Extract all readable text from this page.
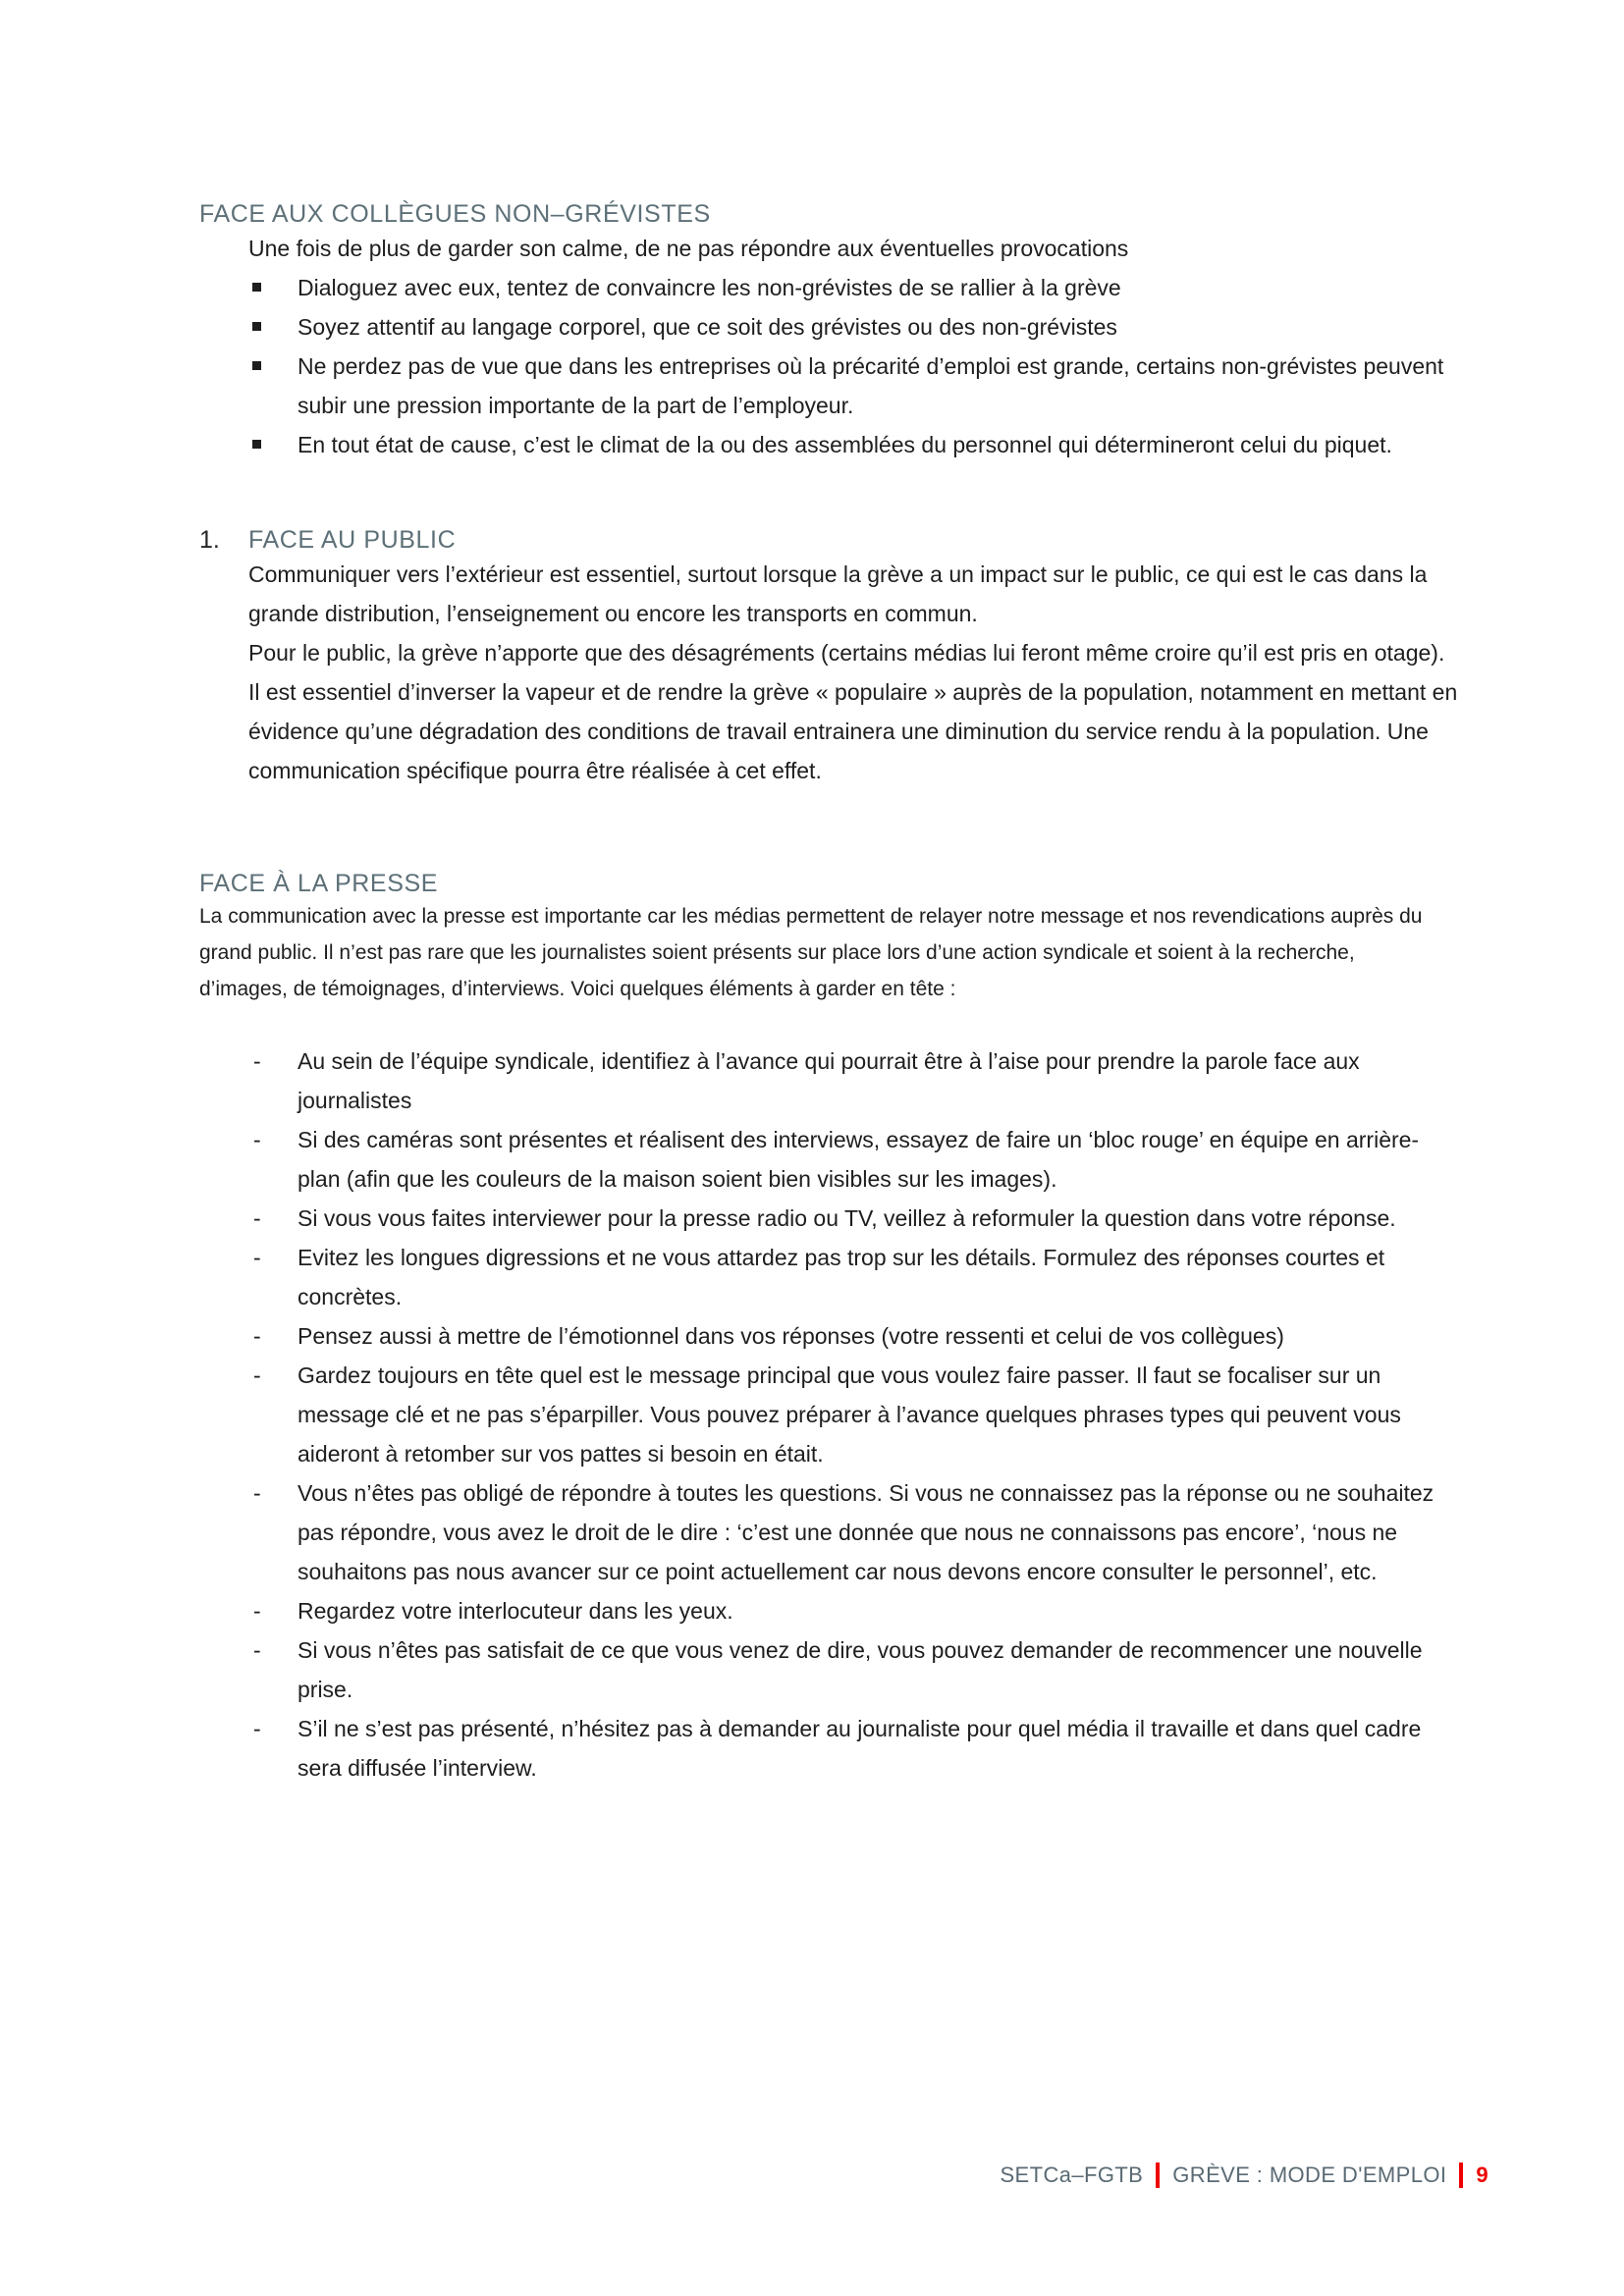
FACE AUX COLLÈGUES NON–GRÉVISTES

Une fois de plus de garder son calme, de ne pas répondre aux éventuelles provocations

Dialoguez avec eux, tentez de convaincre les non-grévistes de se rallier à la grève
Soyez attentif au langage corporel, que ce soit des grévistes ou des non-grévistes
Ne perdez pas de vue que dans les entreprises où la précarité d’emploi est grande, certains non-grévistes peuvent subir une pression importante de la part de l’employeur.
En tout état de cause, c’est le climat de la ou des assemblées du personnel qui détermineront celui du piquet.
1. FACE AU PUBLIC

Communiquer vers l’extérieur est essentiel, surtout lorsque la grève a un impact sur le public, ce qui est le cas dans la grande distribution, l’enseignement ou encore les transports en commun.

Pour le public, la grève n’apporte que des désagréments (certains médias lui feront même croire qu’il est pris en otage).

Il est essentiel d’inverser la vapeur et de rendre la grève « populaire » auprès de la population, notamment en mettant en évidence qu’une dégradation des conditions de travail entrainera une diminution du service rendu à la population. Une communication spécifique pourra être réalisée à cet effet.

FACE À LA PRESSE

La communication avec la presse est importante car les médias permettent de relayer notre message et nos revendications auprès du grand public. Il n’est pas rare que les journalistes soient présents sur place lors d’une action syndicale et soient à la recherche, d’images, de témoignages, d’interviews. Voici quelques éléments à garder en tête :

- Au sein de l’équipe syndicale, identifiez à l’avance qui pourrait être à l’aise pour prendre la parole face aux journalistes
- Si des caméras sont présentes et réalisent des interviews, essayez de faire un ‘bloc rouge’ en équipe en arrière-plan (afin que les couleurs de la maison soient bien visibles sur les images).
- Si vous vous faites interviewer pour la presse radio ou TV, veillez à reformuler la question dans votre réponse.
- Evitez les longues digressions et ne vous attardez pas trop sur les détails. Formulez des réponses courtes et concrètes.
- Pensez aussi à mettre de l’émotionnel dans vos réponses (votre ressenti et celui de vos collègues)
- Gardez toujours en tête quel est le message principal que vous voulez faire passer. Il faut se focaliser sur un message clé et ne pas s’éparpiller. Vous pouvez préparer à l’avance quelques phrases types qui peuvent vous aideront à retomber sur vos pattes si besoin en était.
- Vous n’êtes pas obligé de répondre à toutes les questions. Si vous ne connaissez pas la réponse ou ne souhaitez pas répondre, vous avez le droit de le dire : ‘c’est une donnée que nous ne connaissons pas encore’, ‘nous ne souhaitons pas nous avancer sur ce point actuellement car nous devons encore consulter le personnel’, etc.
- Regardez votre interlocuteur dans les yeux.
- Si vous n’êtes pas satisfait de ce que vous venez de dire, vous pouvez demander de recommencer une nouvelle prise.
- S’il ne s’est pas présenté, n’hésitez pas à demander au journaliste pour quel média il travaille et dans quel cadre sera diffusée l’interview.
SETCa–FGTB GRÈVE : MODE D'EMPLOI 9
